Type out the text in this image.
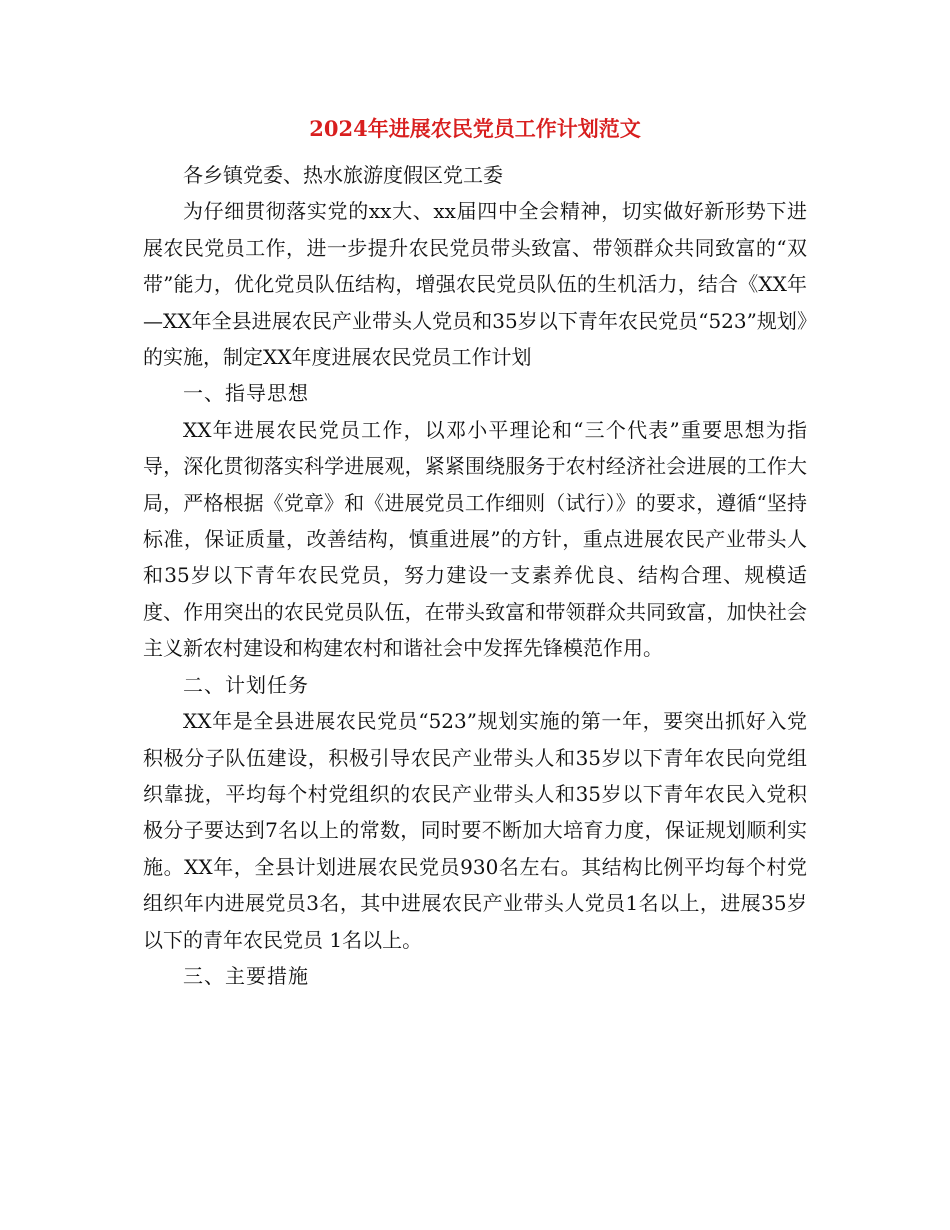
2024年进展农民党员工作计划范文

各乡镇党委、热水旅游度假区党工委

为仔细贯彻落实党的xx大、xx届四中全会精神，切实做好新形势下进展农民党员工作，进一步提升农民党员带头致富、带领群众共同致富的“双带”能力，优化党员队伍结构，增强农民党员队伍的生机活力，结合《XX年—XX年全县进展农民产业带头人党员和35岁以下青年农民党员“523”规划》的实施，制定XX年度进展农民党员工作计划

一、指导思想

XX年进展农民党员工作，以邓小平理论和“三个代表”重要思想为指导，深化贯彻落实科学进展观，紧紧围绕服务于农村经济社会进展的工作大局，严格根据《党章》和《进展党员工作细则（试行）》的要求，遵循“坚持标准，保证质量，改善结构，慎重进展”的方针，重点进展农民产业带头人和35岁以下青年农民党员，努力建设一支素养优良、结构合理、规模适度、作用突出的农民党员队伍，在带头致富和带领群众共同致富，加快社会主义新农村建设和构建农村和谐社会中发挥先锋模范作用。

二、计划任务

XX年是全县进展农民党员“523”规划实施的第一年，要突出抓好入党积极分子队伍建设，积极引导农民产业带头人和35岁以下青年农民向党组织靠拢，平均每个村党组织的农民产业带头人和35岁以下青年农民入党积极分子要达到7名以上的常数，同时要不断加大培育力度，保证规划顺利实施。XX年，全县计划进展农民党员930名左右。其结构比例平均每个村党组织年内进展党员3名，其中进展农民产业带头人党员1名以上，进展35岁以下的青年农民党员 1名以上。

三、主要措施
